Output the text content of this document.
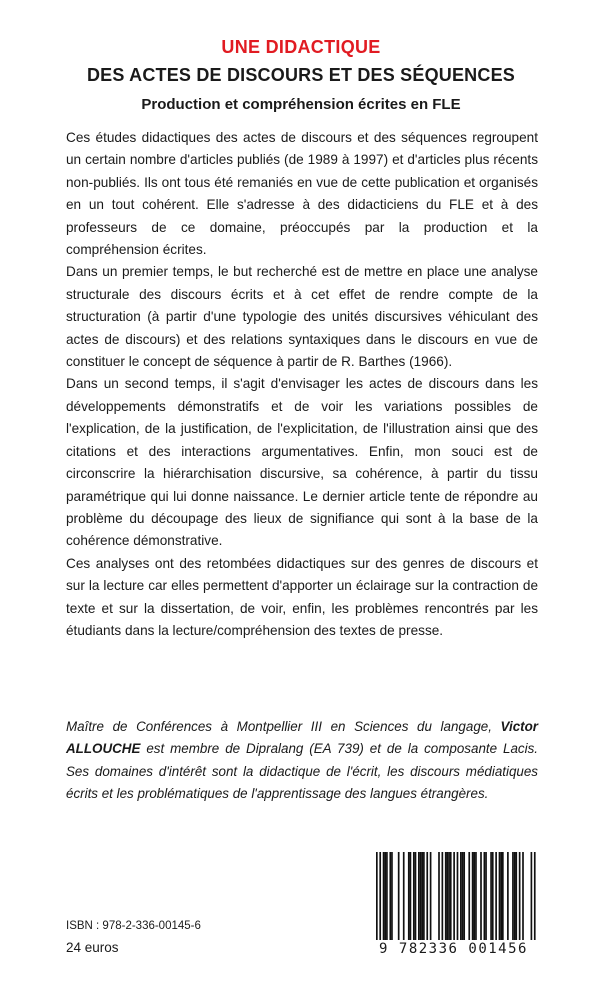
UNE DIDACTIQUE
DES ACTES DE DISCOURS ET DES SÉQUENCES
Production et compréhension écrites en FLE

Ces études didactiques des actes de discours et des séquences regroupent un certain nombre d'articles publiés (de 1989 à 1997) et d'articles plus récents non-publiés. Ils ont tous été remaniés en vue de cette publication et organisés en un tout cohérent. Elle s'adresse à des didacticiens du FLE et à des professeurs de ce domaine, préoccupés par la production et la compréhension écrites.

Dans un premier temps, le but recherché est de mettre en place une analyse structurale des discours écrits et à cet effet de rendre compte de la structuration (à partir d'une typologie des unités discursives véhiculant des actes de discours) et des relations syntaxiques dans le discours en vue de constituer le concept de séquence à partir de R. Barthes (1966).

Dans un second temps, il s'agit d'envisager les actes de discours dans les développements démonstratifs et de voir les variations possibles de l'explication, de la justification, de l'explicitation, de l'illustration ainsi que des citations et des interactions argumentatives. Enfin, mon souci est de circonscrire la hiérarchisation discursive, sa cohérence, à partir du tissu paramétrique qui lui donne naissance. Le dernier article tente de répondre au problème du découpage des lieux de signifiance qui sont à la base de la cohérence démonstrative.

Ces analyses ont des retombées didactiques sur des genres de discours et sur la lecture car elles permettent d'apporter un éclairage sur la contraction de texte et sur la dissertation, de voir, enfin, les problèmes rencontrés par les étudiants dans la lecture/compréhension des textes de presse.

Maître de Conférences à Montpellier III en Sciences du langage, Victor ALLOUCHE est membre de Dipralang (EA 739) et de la composante Lacis. Ses domaines d'intérêt sont la didactique de l'écrit, les discours médiatiques écrits et les problématiques de l'apprentissage des langues étrangères.

ISBN : 978-2-336-00145-6
24 euros	9 782336 001456
